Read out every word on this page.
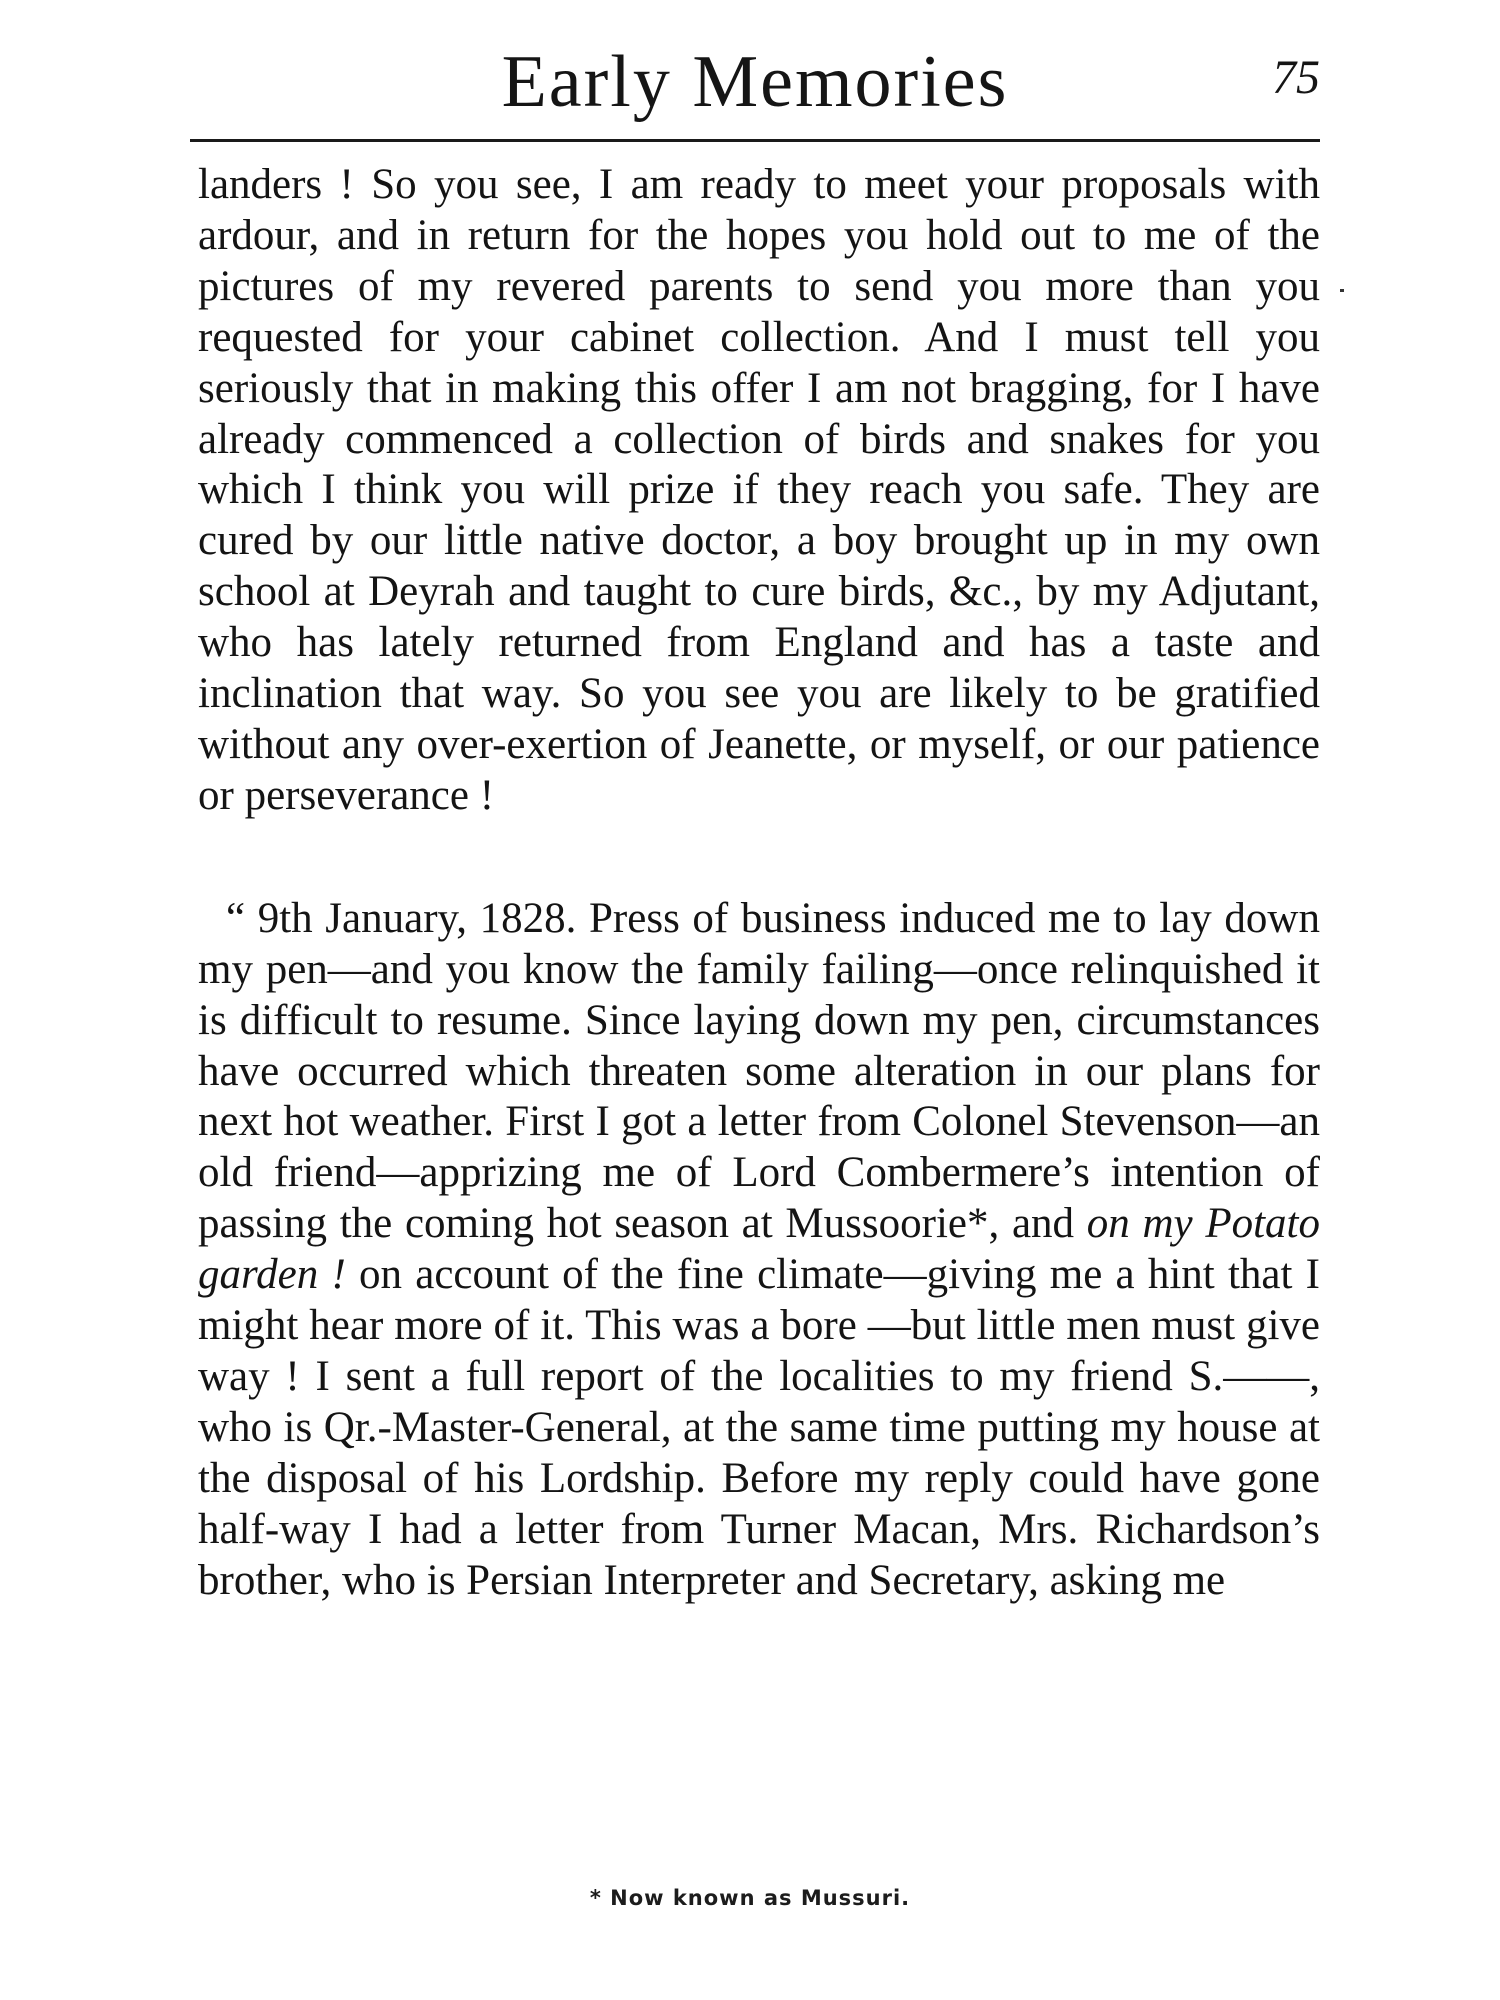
Early Memories	75

landers ! So you see, I am ready to meet your proposals with ardour, and in return for the hopes you hold out to me of the pictures of my revered parents to send you more than you requested for your cabinet collection. And I must tell you seriously that in making this offer I am not bragging, for I have already commenced a collection of birds and snakes for you which I think you will prize if they reach you safe. They are cured by our little native doctor, a boy brought up in my own school at Deyrah and taught to cure birds, &c., by my Adjutant, who has lately returned from England and has a taste and inclination that way. So you see you are likely to be gratified without any over-exertion of Jeanette, or myself, or our patience or perseverance !

“ 9th January, 1828. Press of business induced me to lay down my pen—and you know the family failing—once relinquished it is difficult to resume. Since laying down my pen, circumstances have occurred which threaten some alteration in our plans for next hot weather. First I got a letter from Colonel Stevenson—an old friend—apprizing me of Lord Combermere’s intention of passing the coming hot season at Mussoorie*, and on my Potato garden ! on account of the fine climate—giving me a hint that I might hear more of it. This was a bore —but little men must give way ! I sent a full report of the localities to my friend S.——, who is Qr.-Master-General, at the same time putting my house at the disposal of his Lordship. Before my reply could have gone half-way I had a letter from Turner Macan, Mrs. Richardson’s brother, who is Persian Interpreter and Secretary, asking me

* Now known as Mussuri.
